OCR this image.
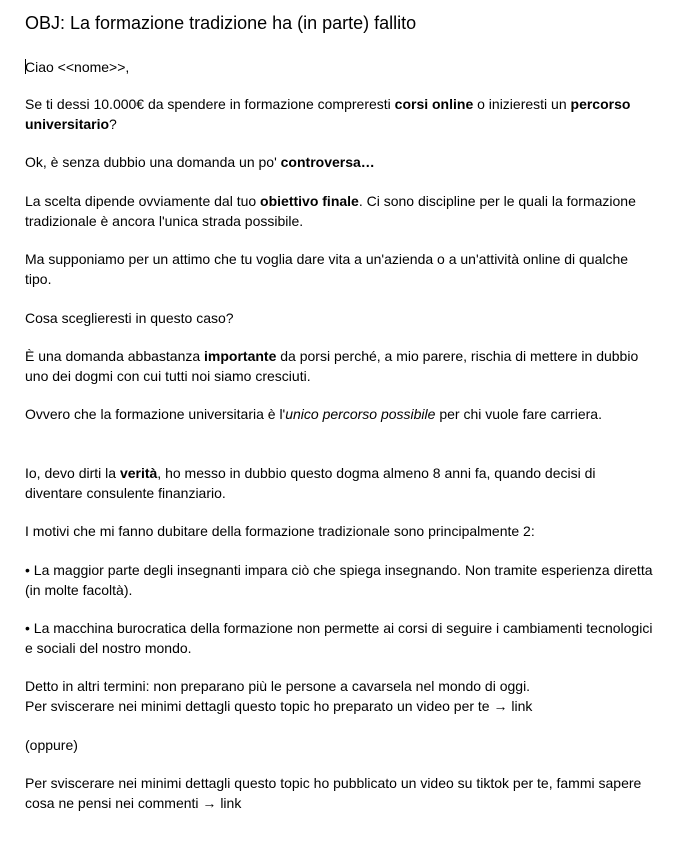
OBJ: La formazione tradizione ha (in parte) fallito

Ciao <<nome>>,

Se ti dessi 10.000€ da spendere in formazione compreresti corsi online o inizieresti un percorso universitario?

Ok, è senza dubbio una domanda un po' controversa…

La scelta dipende ovviamente dal tuo obiettivo finale. Ci sono discipline per le quali la formazione tradizionale è ancora l'unica strada possibile.

Ma supponiamo per un attimo che tu voglia dare vita a un'azienda o a un'attività online di qualche tipo.

Cosa sceglieresti in questo caso?

È una domanda abbastanza importante da porsi perché, a mio parere, rischia di mettere in dubbio uno dei dogmi con cui tutti noi siamo cresciuti.

Ovvero che la formazione universitaria è l'unico percorso possibile per chi vuole fare carriera.

Io, devo dirti la verità, ho messo in dubbio questo dogma almeno 8 anni fa, quando decisi di diventare consulente finanziario.

I motivi che mi fanno dubitare della formazione tradizionale sono principalmente 2:

• La maggior parte degli insegnanti impara ciò che spiega insegnando. Non tramite esperienza diretta (in molte facoltà).

• La macchina burocratica della formazione non permette ai corsi di seguire i cambiamenti tecnologici e sociali del nostro mondo.

Detto in altri termini: non preparano più le persone a cavarsela nel mondo di oggi.
Per sviscerare nei minimi dettagli questo topic ho preparato un video per te → link

(oppure)

Per sviscerare nei minimi dettagli questo topic ho pubblicato un video su tiktok per te, fammi sapere cosa ne pensi nei commenti → link
